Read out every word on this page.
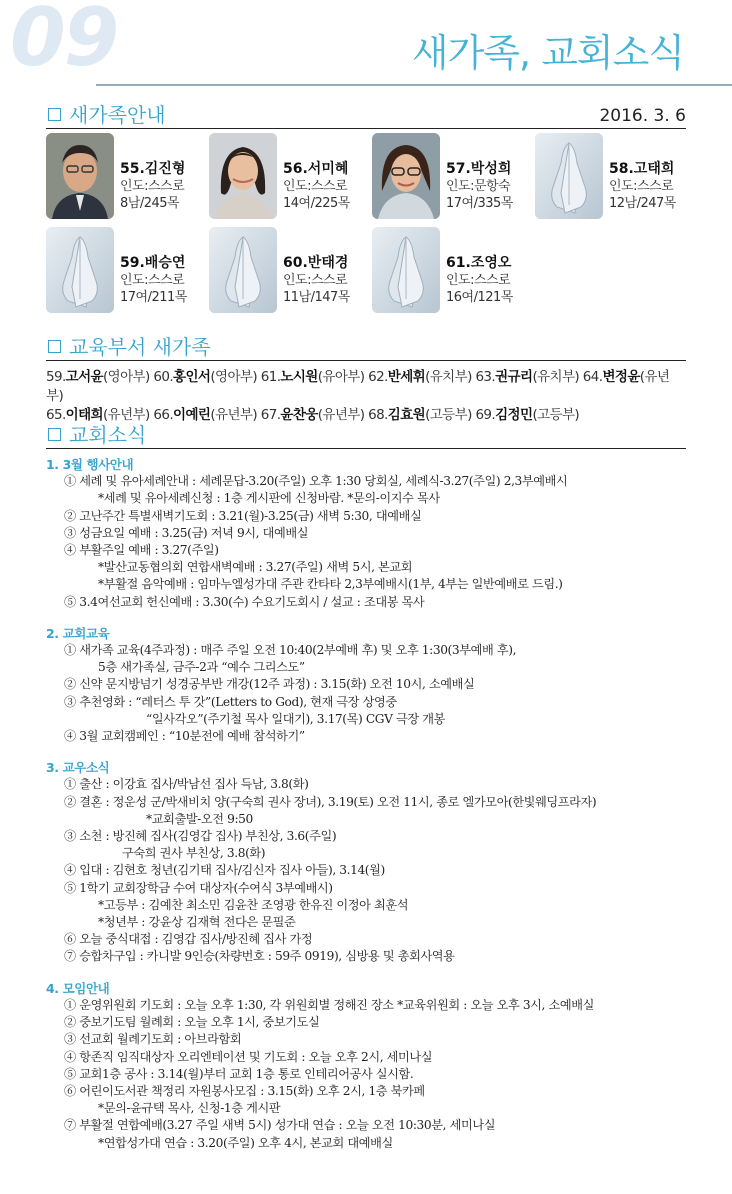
09	새가족, 교회소식
새가족안내	2016. 3. 6
55.김진형
인도:스스로
8남/245목
56.서미혜
인도:스스로
14여/225목
57.박성희
인도:문항숙
17여/335목
58.고태희
인도:스스로
12남/247목
59.배승연
인도:스스로
17여/211목
60.반태경
인도:스스로
11남/147목
61.조영오
인도:스스로
16여/121목
교육부서 새가족
59.고서윤(영아부) 60.홍인서(영아부) 61.노시원(유아부) 62.반세휘(유치부) 63.권규리(유치부) 64.변정윤(유년부)
65.이태희(유년부) 66.이예린(유년부) 67.윤찬웅(유년부) 68.김효원(고등부) 69.김정민(고등부)
교회소식
1. 3월 행사안내
① 세례 및 유아세례안내 : 세례문답-3.20(주일) 오후 1:30 당회실, 세례식-3.27(주일) 2,3부예배시
*세례 및 유아세례신청 : 1층 게시판에 신청바람. *문의-이지수 목사
② 고난주간 특별새벽기도회 : 3.21(월)-3.25(금) 새벽 5:30, 대예배실
③ 성금요일 예배 : 3.25(금) 저녁 9시, 대예배실
④ 부활주일 예배 : 3.27(주일)
*발산교동협의회 연합새벽예배 : 3.27(주일) 새벽 5시, 본교회
*부활절 음악예배 : 임마누엘성가대 주관 칸타타 2,3부예배시(1부, 4부는 일반예배로 드림.)
⑤ 3.4여선교회 헌신예배 : 3.30(수) 수요기도회시 / 설교 : 조대봉 목사
2. 교회교육
① 새가족 교육(4주과정) : 매주 주일 오전 10:40(2부예배 후) 및 오후 1:30(3부예배 후),
5층 새가족실, 금주-2과 “예수 그리스도”
② 신약 문지방넘기 성경공부반 개강(12주 과정) : 3.15(화) 오전 10시, 소예배실
③ 추천영화 : “레터스 투 갓”(Letters to God), 현재 극장 상영중
“일사각오”(주기철 목사 일대기), 3.17(목) CGV 극장 개봉
④ 3월 교회캠페인 : “10분전에 예배 참석하기”
3. 교우소식
① 출산 : 이강효 집사/박남선 집사 득남, 3.8(화)
② 결혼 : 정운성 군/박새비치 양(구숙희 권사 장녀), 3.19(토) 오전 11시, 종로 엘가모아(한빛웨딩프라자)
*교회출발-오전 9:50
③ 소천 : 방진혜 집사(김영갑 집사) 부친상, 3.6(주일)
구숙희 권사 부친상, 3.8(화)
④ 입대 : 김현호 청년(김기태 집사/김신자 집사 아들), 3.14(월)
⑤ 1학기 교회장학금 수여 대상자(수여식 3부예배시)
*고등부 : 김예찬 최소민 김윤찬 조영광 한유진 이정아 최훈석
*청년부 : 강윤상 김재혁 전다은 문필준
⑥ 오늘 중식대접 : 김영갑 집사/방진혜 집사 가정
⑦ 승합차구입 : 카니발 9인승(차량번호 : 59주 0919), 심방용 및 총회사역용
4. 모임안내
① 운영위원회 기도회 : 오늘 오후 1:30, 각 위원회별 정해진 장소 *교육위원회 : 오늘 오후 3시, 소예배실
② 중보기도팀 월례회 : 오늘 오후 1시, 중보기도실
③ 선교회 월례기도회 : 아브라함회
④ 항존직 임직대상자 오리엔테이션 및 기도회 : 오늘 오후 2시, 세미나실
⑤ 교회1층 공사 : 3.14(월)부터 교회 1층 통로 인테리어공사 실시함.
⑥ 어린이도서관 책정리 자원봉사모집 : 3.15(화) 오후 2시, 1층 북카페
*문의-윤규택 목사, 신청-1층 게시판
⑦ 부활절 연합예배(3.27 주일 새벽 5시) 성가대 연습 : 오늘 오전 10:30분, 세미나실
*연합성가대 연습 : 3.20(주일) 오후 4시, 본교회 대예배실
